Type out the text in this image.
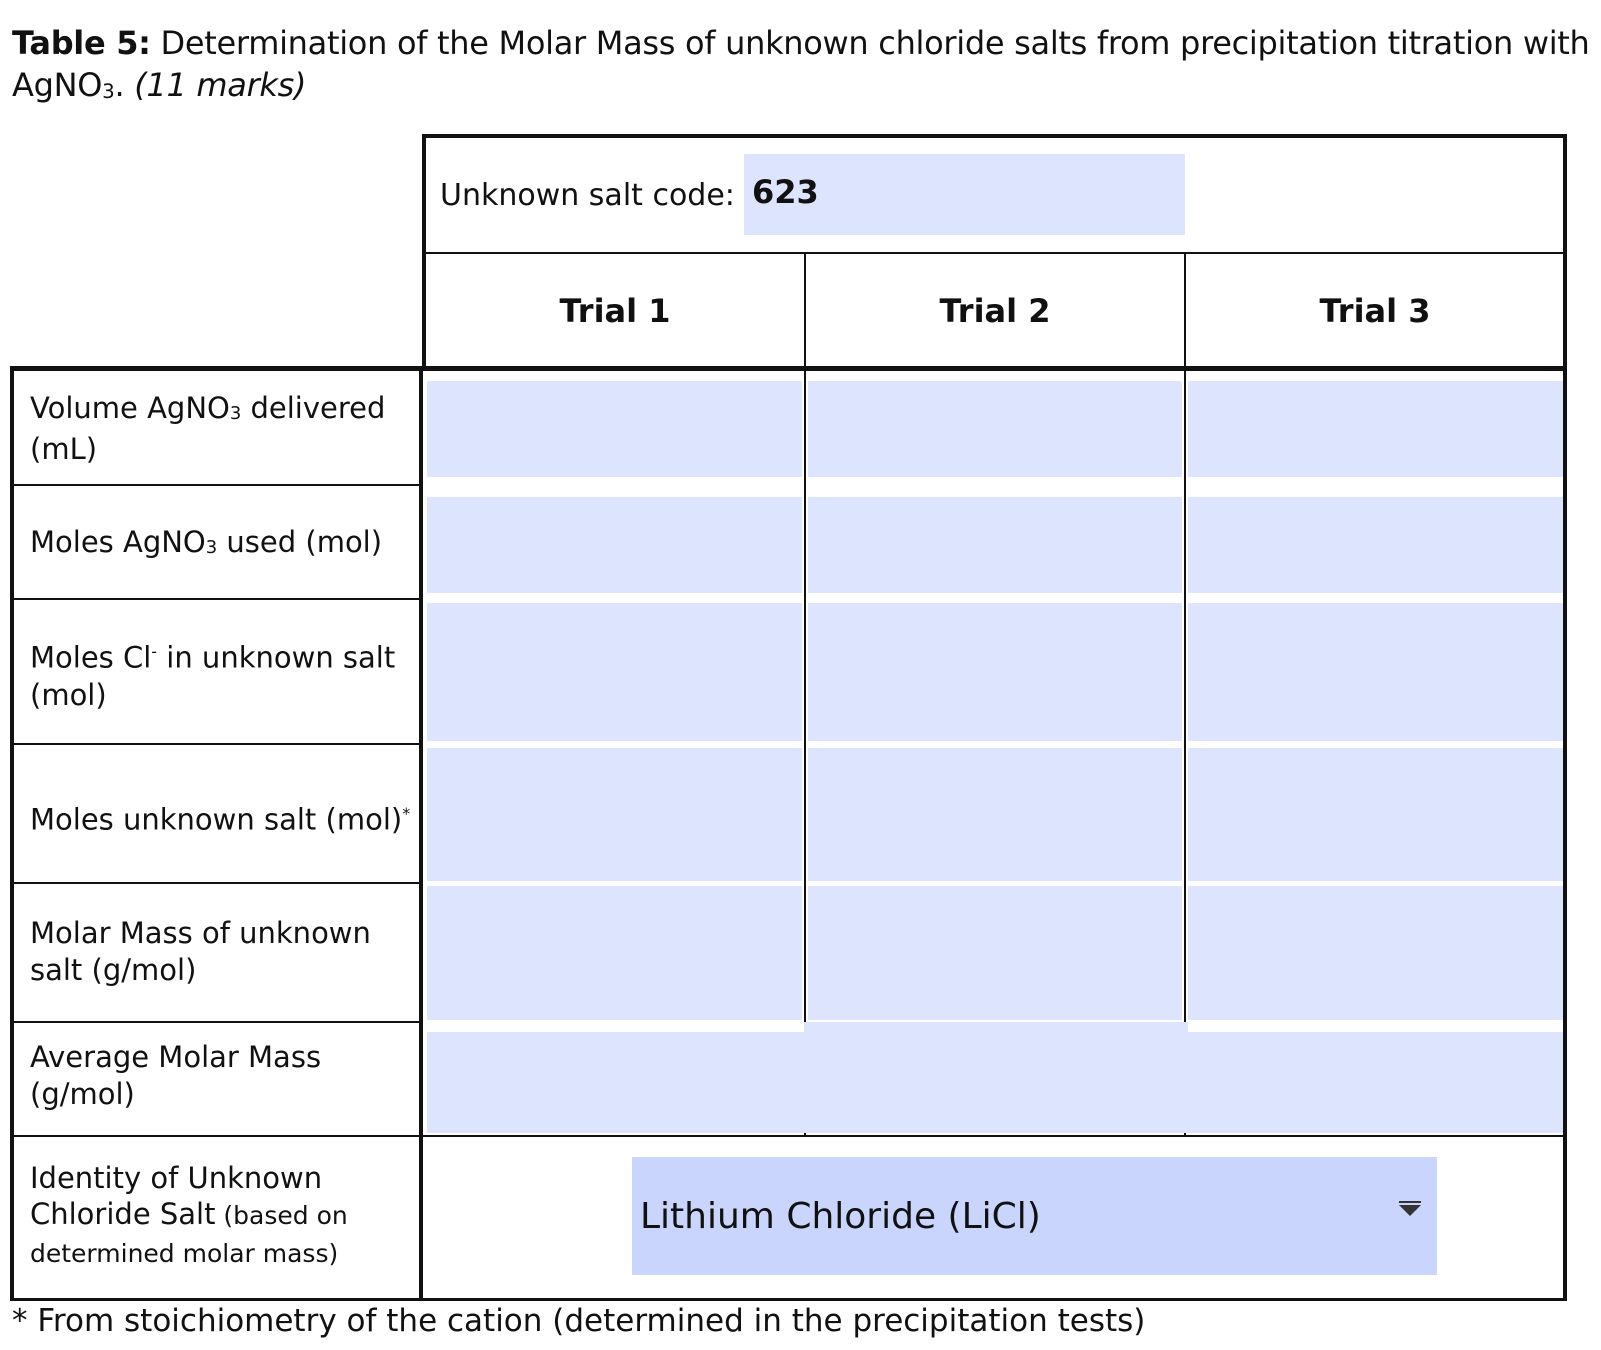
Table 5: Determination of the Molar Mass of unknown chloride salts from precipitation titration with AgNO3. (11 marks)
Unknown salt code: 623
Trial 1	Trial 2	Trial 3
Volume AgNO3 delivered
(mL)
Moles AgNO3 used (mol)
Moles Cl- in unknown salt
(mol)
Moles unknown salt (mol)*
Molar Mass of unknown
salt (g/mol)
Average Molar Mass
(g/mol)
Identity of Unknown
Chloride Salt (based on
determined molar mass)
Lithium Chloride (LiCl)
* From stoichiometry of the cation (determined in the precipitation tests)
